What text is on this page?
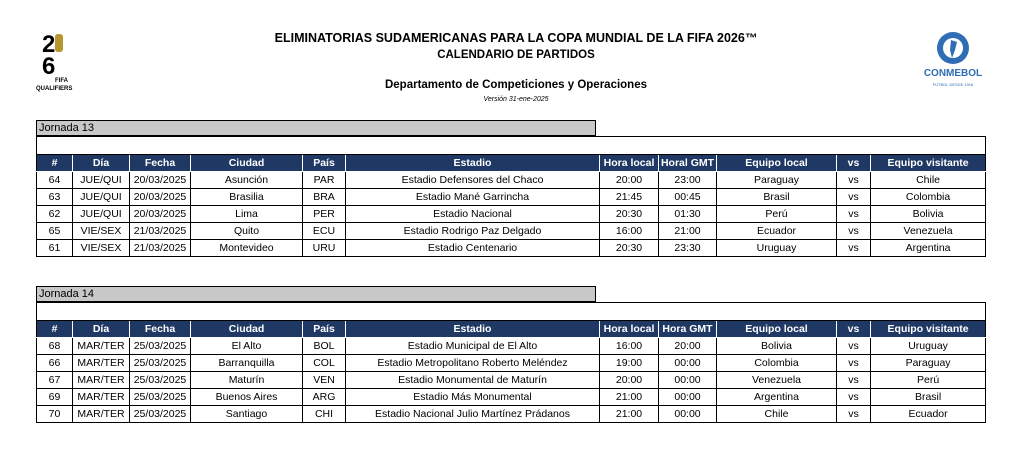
2
6
FIFA
QUALIFIERS
CONMEBOL
FÚTBOL DESDE 1916
ELIMINATORIAS SUDAMERICANAS PARA LA COPA MUNDIAL DE LA FIFA 2026™
CALENDARIO DE PARTIDOS
Departamento de Competiciones y Operaciones
Versión 31-ene-2025
Jornada 13
Jueves, 20 y viernes, 21 de marzo de 2025										
#	Día	Fecha	Ciudad	País	Estadio	Hora local	Horal GMT	Equipo local	vs	Equipo visitante
64	JUE/QUI	20/03/2025	Asunción	PAR	Estadio Defensores del Chaco	20:00	23:00	Paraguay	vs	Chile
63	JUE/QUI	20/03/2025	Brasilia	BRA	Estadio Mané Garrincha	21:45	00:45	Brasil	vs	Colombia
62	JUE/QUI	20/03/2025	Lima	PER	Estadio Nacional	20:30	01:30	Perú	vs	Bolivia
65	VIE/SEX	21/03/2025	Quito	ECU	Estadio Rodrigo Paz Delgado	16:00	21:00	Ecuador	vs	Venezuela
61	VIE/SEX	21/03/2025	Montevideo	URU	Estadio Centenario	20:30	23:30	Uruguay	vs	Argentina
Jornada 14
Martes, 25 de marzo de 2025										
#	Día	Fecha	Ciudad	País	Estadio	Hora local	Hora GMT	Equipo local	vs	Equipo visitante
68	MAR/TER	25/03/2025	El Alto	BOL	Estadio Municipal de El Alto	16:00	20:00	Bolivia	vs	Uruguay
66	MAR/TER	25/03/2025	Barranquilla	COL	Estadio Metropolitano Roberto Meléndez	19:00	00:00	Colombia	vs	Paraguay
67	MAR/TER	25/03/2025	Maturín	VEN	Estadio Monumental de Maturín	20:00	00:00	Venezuela	vs	Perú
69	MAR/TER	25/03/2025	Buenos Aires	ARG	Estadio Más Monumental	21:00	00:00	Argentina	vs	Brasil
70	MAR/TER	25/03/2025	Santiago	CHI	Estadio Nacional Julio Martínez Prádanos	21:00	00:00	Chile	vs	Ecuador
